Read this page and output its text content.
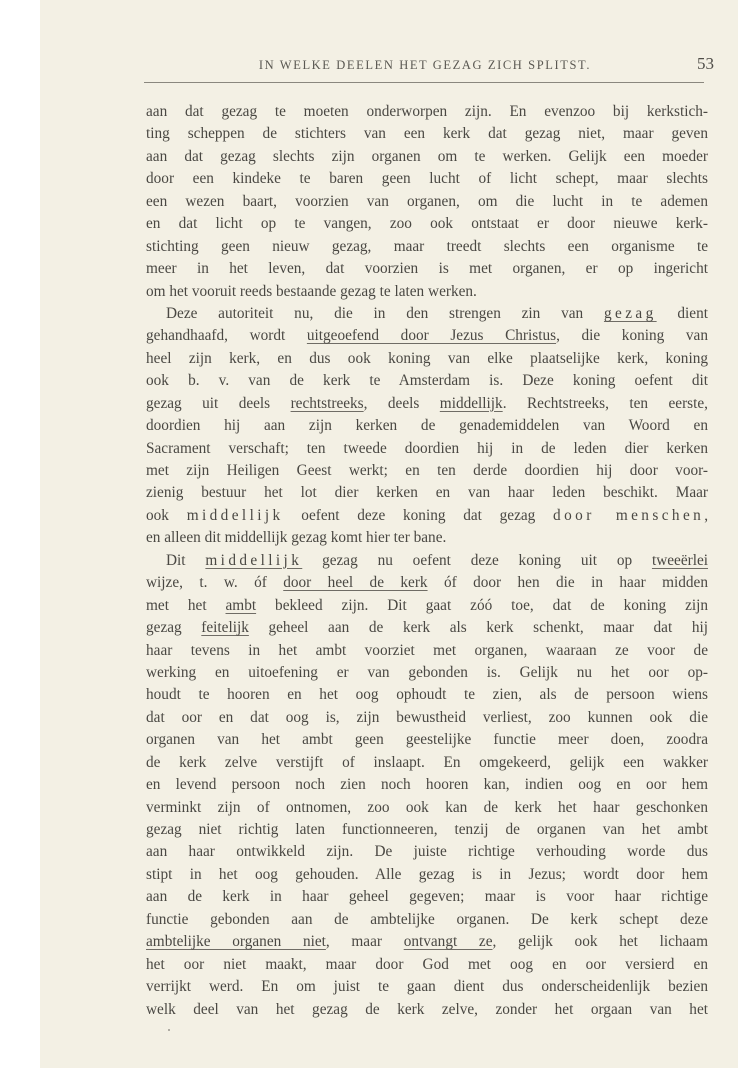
IN WELKE DEELEN HET GEZAG ZICH SPLITST.	53
aan dat gezag te moeten onderworpen zijn. En evenzoo bij kerkstich-
ting scheppen de stichters van een kerk dat gezag niet, maar geven
aan dat gezag slechts zijn organen om te werken. Gelijk een moeder
door een kindeke te baren geen lucht of licht schept, maar slechts
een wezen baart, voorzien van organen, om die lucht in te ademen
en dat licht op te vangen, zoo ook ontstaat er door nieuwe kerk-
stichting geen nieuw gezag, maar treedt slechts een organisme te
meer in het leven, dat voorzien is met organen, er op ingericht
om het vooruit reeds bestaande gezag te laten werken.
Deze autoriteit nu, die in den strengen zin van gezag dient
gehandhaafd, wordt uitgeoefend door Jezus Christus, die koning van
heel zijn kerk, en dus ook koning van elke plaatselijke kerk, koning
ook b. v. van de kerk te Amsterdam is. Deze koning oefent dit
gezag uit deels rechtstreeks, deels middellijk. Rechtstreeks, ten eerste,
doordien hij aan zijn kerken de genademiddelen van Woord en
Sacrament verschaft; ten tweede doordien hij in de leden dier kerken
met zijn Heiligen Geest werkt; en ten derde doordien hij door voor-
zienig bestuur het lot dier kerken en van haar leden beschikt. Maar
ook middellijk oefent deze koning dat gezag door menschen,
en alleen dit middellijk gezag komt hier ter bane.
Dit middellijk gezag nu oefent deze koning uit op tweeërlei
wijze, t. w. óf door heel de kerk óf door hen die in haar midden
met het ambt bekleed zijn. Dit gaat zóó toe, dat de koning zijn
gezag feitelijk geheel aan de kerk als kerk schenkt, maar dat hij
haar tevens in het ambt voorziet met organen, waaraan ze voor de
werking en uitoefening er van gebonden is. Gelijk nu het oor op-
houdt te hooren en het oog ophoudt te zien, als de persoon wiens
dat oor en dat oog is, zijn bewustheid verliest, zoo kunnen ook die
organen van het ambt geen geestelijke functie meer doen, zoodra
de kerk zelve verstijft of inslaapt. En omgekeerd, gelijk een wakker
en levend persoon noch zien noch hooren kan, indien oog en oor hem
verminkt zijn of ontnomen, zoo ook kan de kerk het haar geschonken
gezag niet richtig laten functionneeren, tenzij de organen van het ambt
aan haar ontwikkeld zijn. De juiste richtige verhouding worde dus
stipt in het oog gehouden. Alle gezag is in Jezus; wordt door hem
aan de kerk in haar geheel gegeven; maar is voor haar richtige
functie gebonden aan de ambtelijke organen. De kerk schept deze
ambtelijke organen niet, maar ontvangt ze, gelijk ook het lichaam
het oor niet maakt, maar door God met oog en oor versierd en
verrijkt werd. En om juist te gaan dient dus onderscheidenlijk bezien
welk deel van het gezag de kerk zelve, zonder het orgaan van het
